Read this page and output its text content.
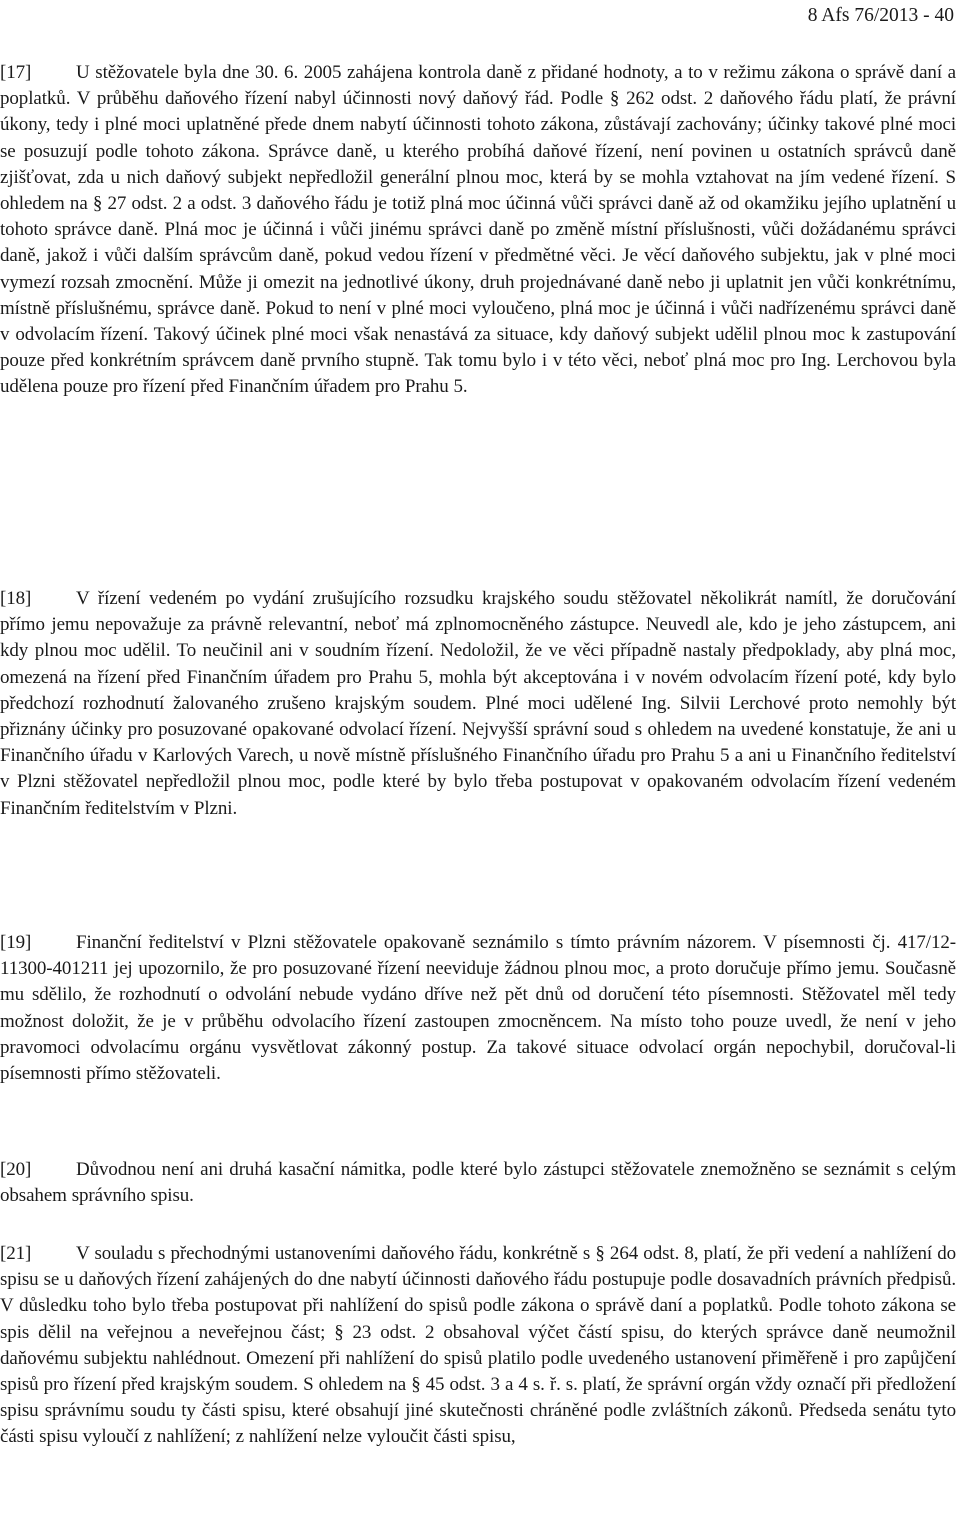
8 Afs 76/2013 - 40
[17]	U stěžovatele byla dne 30. 6. 2005 zahájena kontrola daně z přidané hodnoty, a to v režimu zákona o správě daní a poplatků. V průběhu daňového řízení nabyl účinnosti nový daňový řád. Podle § 262 odst. 2 daňového řádu platí, že právní úkony, tedy i plné moci uplatněné přede dnem nabytí účinnosti tohoto zákona, zůstávají zachovány; účinky takové plné moci se posuzují podle tohoto zákona. Správce daně, u kterého probíhá daňové řízení, není povinen u ostatních správců daně zjišťovat, zda u nich daňový subjekt nepředložil generální plnou moc, která by se mohla vztahovat na jím vedené řízení. S ohledem na § 27 odst. 2 a odst. 3 daňového řádu je totiž plná moc účinná vůči správci daně až od okamžiku jejího uplatnění u tohoto správce daně. Plná moc je účinná i vůči jinému správci daně po změně místní příslušnosti, vůči dožádanému správci daně, jakož i vůči dalším správcům daně, pokud vedou řízení v předmětné věci. Je věcí daňového subjektu, jak v plné moci vymezí rozsah zmocnění. Může ji omezit na jednotlivé úkony, druh projednávané daně nebo ji uplatnit jen vůči konkrétnímu, místně příslušnému, správce daně. Pokud to není v plné moci vyloučeno, plná moc je účinná i vůči nadřízenému správci daně v odvolacím řízení. Takový účinek plné moci však nenastává za situace, kdy daňový subjekt udělil plnou moc k zastupování pouze před konkrétním správcem daně prvního stupně. Tak tomu bylo i v této věci, neboť plná moc pro Ing. Lerchovou byla udělena pouze pro řízení před Finančním úřadem pro Prahu 5.
[18]	V řízení vedeném po vydání zrušujícího rozsudku krajského soudu stěžovatel několikrát namítl, že doručování přímo jemu nepovažuje za právně relevantní, neboť má zplnomocněného zástupce. Neuvedl ale, kdo je jeho zástupcem, ani kdy plnou moc udělil. To neučinil ani v soudním řízení. Nedoložil, že ve věci případně nastaly předpoklady, aby plná moc, omezená na řízení před Finančním úřadem pro Prahu 5, mohla být akceptována i v novém odvolacím řízení poté, kdy bylo předchozí rozhodnutí žalovaného zrušeno krajským soudem. Plné moci udělené Ing. Silvii Lerchové proto nemohly být přiznány účinky pro posuzované opakované odvolací řízení. Nejvyšší správní soud s ohledem na uvedené konstatuje, že ani u Finančního úřadu v Karlových Varech, u nově místně příslušného Finančního úřadu pro Prahu 5 a ani u Finančního ředitelství v Plzni stěžovatel nepředložil plnou moc, podle které by bylo třeba postupovat v opakovaném odvolacím řízení vedeném Finančním ředitelstvím v Plzni.
[19]	Finanční ředitelství v Plzni stěžovatele opakovaně seznámilo s tímto právním názorem. V písemnosti čj. 417/12-11300-401211 jej upozornilo, že pro posuzované řízení neeviduje žádnou plnou moc, a proto doručuje přímo jemu. Současně mu sdělilo, že rozhodnutí o odvolání nebude vydáno dříve než pět dnů od doručení této písemnosti. Stěžovatel měl tedy možnost doložit, že je v průběhu odvolacího řízení zastoupen zmocněncem. Na místo toho pouze uvedl, že není v jeho pravomoci odvolacímu orgánu vysvětlovat zákonný postup. Za takové situace odvolací orgán nepochybil, doručoval-li písemnosti přímo stěžovateli.
[20]	Důvodnou není ani druhá kasační námitka, podle které bylo zástupci stěžovatele znemožněno se seznámit s celým obsahem správního spisu.
[21]	V souladu s přechodnými ustanoveními daňového řádu, konkrétně s § 264 odst. 8, platí, že při vedení a nahlížení do spisu se u daňových řízení zahájených do dne nabytí účinnosti daňového řádu postupuje podle dosavadních právních předpisů. V důsledku toho bylo třeba postupovat při nahlížení do spisů podle zákona o správě daní a poplatků. Podle tohoto zákona se spis dělil na veřejnou a neveřejnou část; § 23 odst. 2 obsahoval výčet částí spisu, do kterých správce daně neumožnil daňovému subjektu nahlédnout. Omezení při nahlížení do spisů platilo podle uvedeného ustanovení přiměřeně i pro zapůjčení spisů pro řízení před krajským soudem. S ohledem na § 45 odst. 3 a 4 s. ř. s. platí, že správní orgán vždy označí při předložení spisu správnímu soudu ty části spisu, které obsahují jiné skutečnosti chráněné podle zvláštních zákonů. Předseda senátu tyto části spisu vyloučí z nahlížení; z nahlížení nelze vyloučit části spisu,
